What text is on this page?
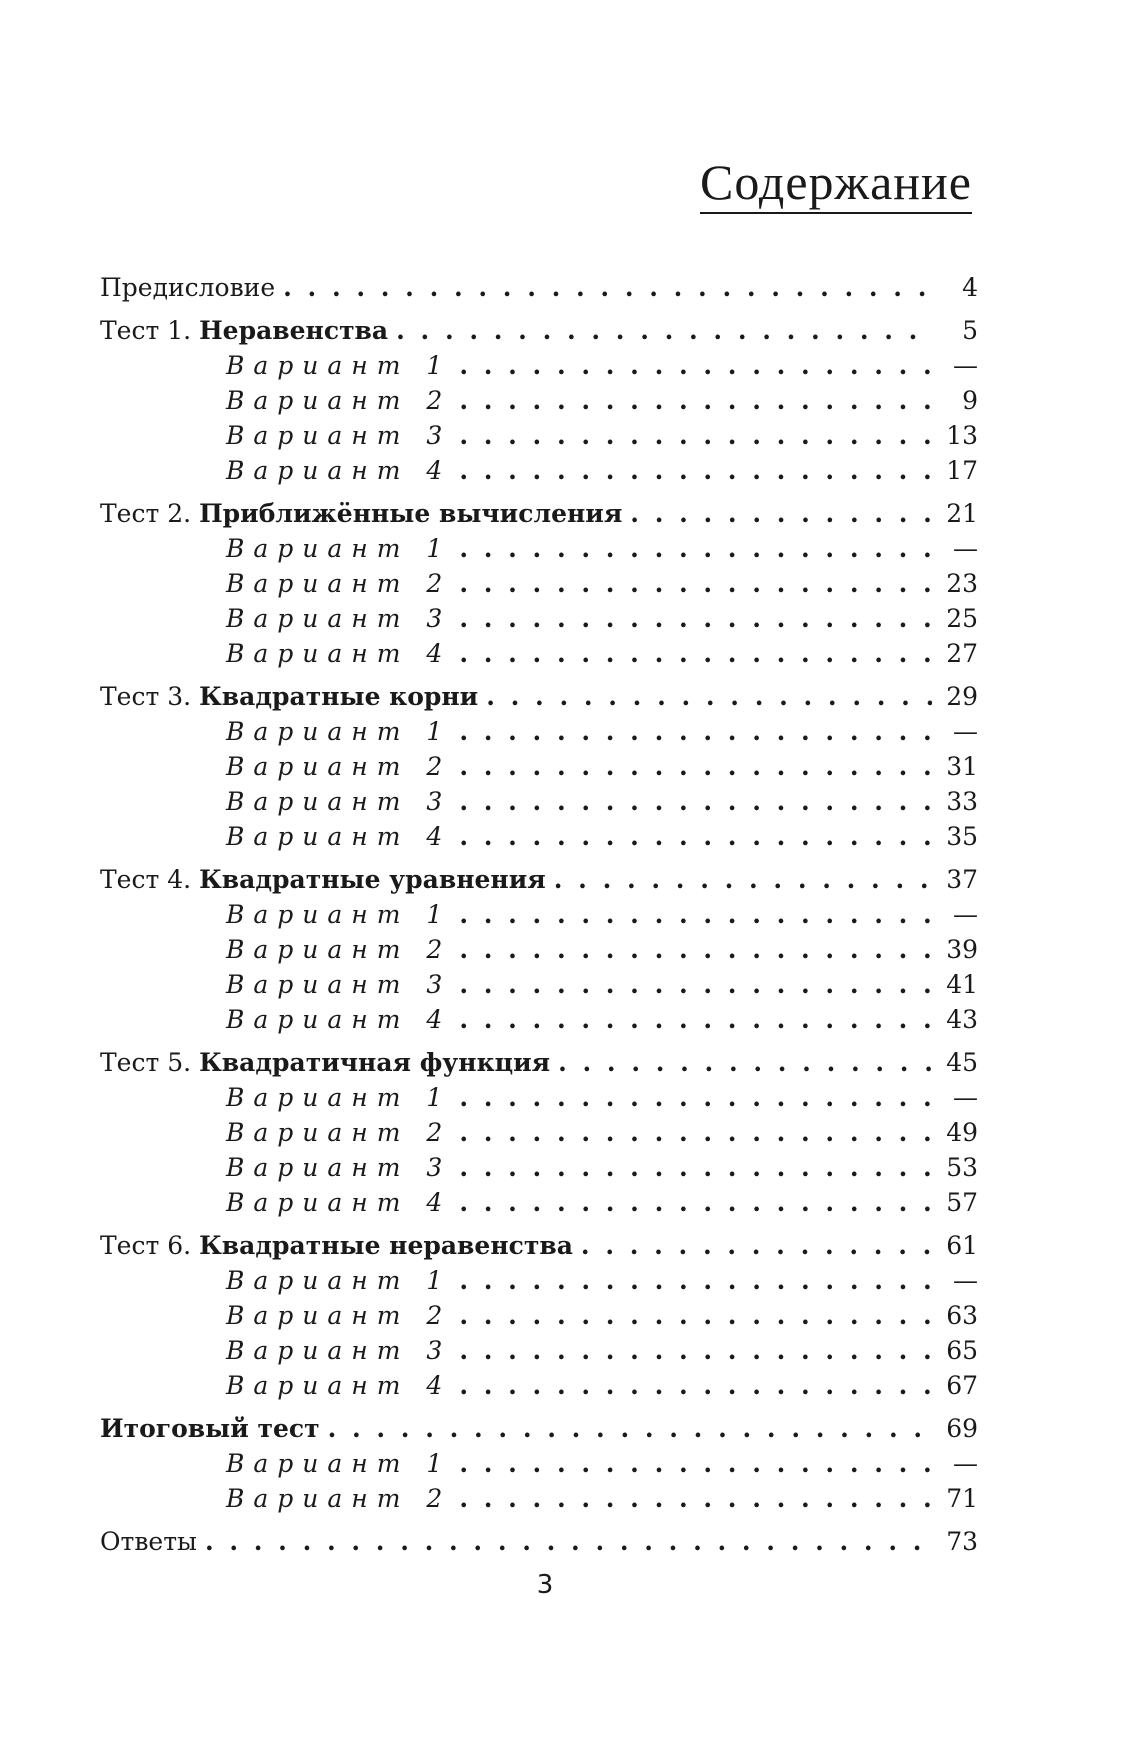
Содержание
Предисловие . . .	4
Тест 1. Неравенства . . .	5
Вариант 1 . . .	—
Вариант 2 . . .	9
Вариант 3 . . .	13
Вариант 4 . . .	17
Тест 2. Приближённые вычисления . . .	21
Вариант 1 . . .	—
Вариант 2 . . .	23
Вариант 3 . . .	25
Вариант 4 . . .	27
Тест 3. Квадратные корни . . .	29
Вариант 1 . . .	—
Вариант 2 . . .	31
Вариант 3 . . .	33
Вариант 4 . . .	35
Тест 4. Квадратные уравнения . . .	37
Вариант 1 . . .	—
Вариант 2 . . .	39
Вариант 3 . . .	41
Вариант 4 . . .	43
Тест 5. Квадратичная функция . . .	45
Вариант 1 . . .	—
Вариант 2 . . .	49
Вариант 3 . . .	53
Вариант 4 . . .	57
Тест 6. Квадратные неравенства . . .	61
Вариант 1 . . .	—
Вариант 2 . . .	63
Вариант 3 . . .	65
Вариант 4 . . .	67
Итоговый тест . . .	69
Вариант 1 . . .	—
Вариант 2 . . .	71
Ответы . . .	73
3
